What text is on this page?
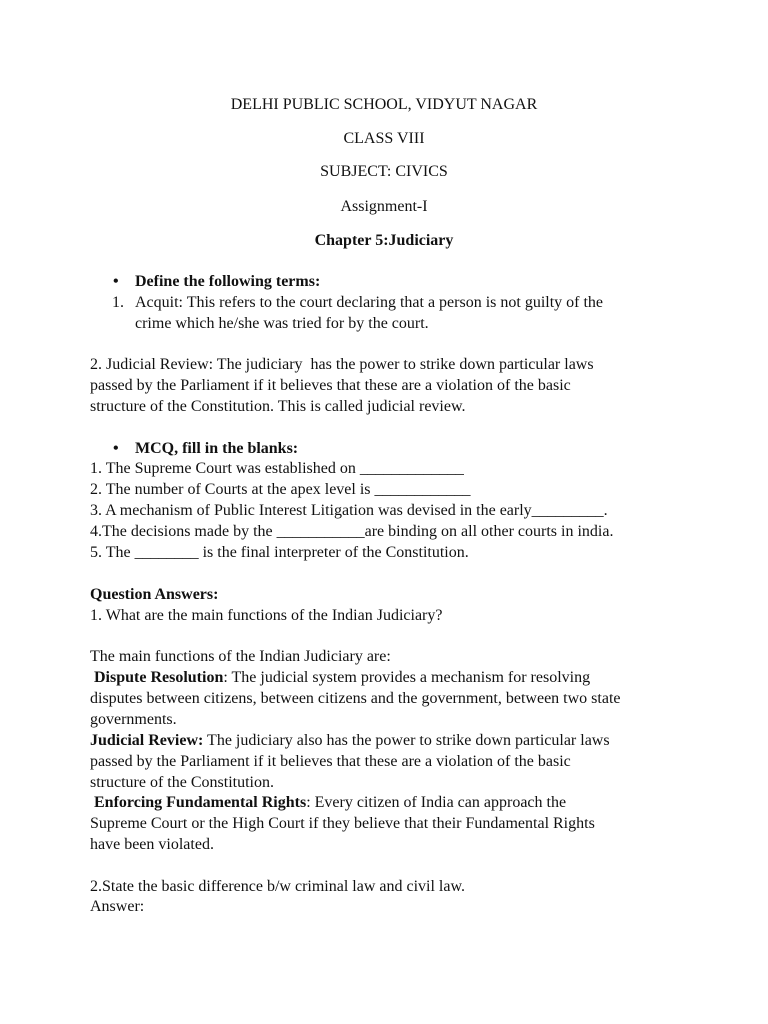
DELHI PUBLIC SCHOOL, VIDYUT NAGAR
CLASS VIII
SUBJECT: CIVICS
Assignment-I
Chapter 5:Judiciary
• Define the following terms:
1. Acquit: This refers to the court declaring that a person is not guilty of the
crime which he/she was tried for by the court.
2. Judicial Review: The judiciary  has the power to strike down particular laws
passed by the Parliament if it believes that these are a violation of the basic
structure of the Constitution. This is called judicial review.
• MCQ, fill in the blanks:
1. The Supreme Court was established on _____________
2. The number of Courts at the apex level is ____________
3. A mechanism of Public Interest Litigation was devised in the early_________.
4.The decisions made by the ___________are binding on all other courts in india.
5. The ________ is the final interpreter of the Constitution.
Question Answers:
1. What are the main functions of the Indian Judiciary?
The main functions of the Indian Judiciary are:
Dispute Resolution: The judicial system provides a mechanism for resolving
disputes between citizens, between citizens and the government, between two state
governments.
Judicial Review: The judiciary also has the power to strike down particular laws
passed by the Parliament if it believes that these are a violation of the basic
structure of the Constitution.
Enforcing Fundamental Rights: Every citizen of India can approach the
Supreme Court or the High Court if they believe that their Fundamental Rights
have been violated.
2.State the basic difference b/w criminal law and civil law.
Answer:
